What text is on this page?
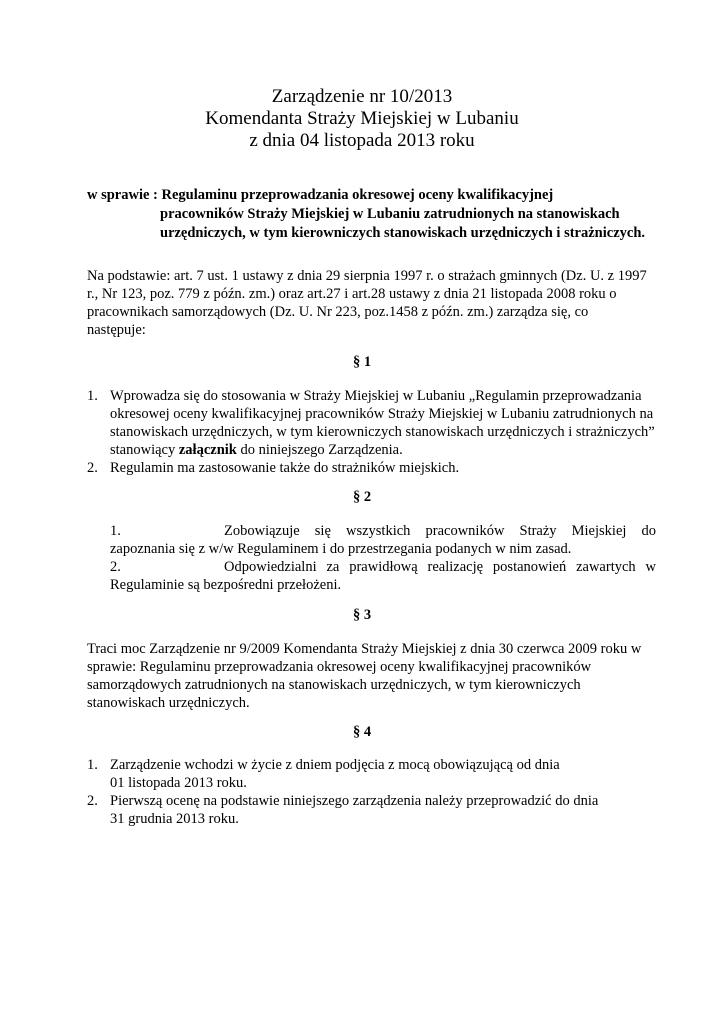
Zarządzenie nr 10/2013
Komendanta Straży Miejskiej w Lubaniu
z dnia 04 listopada 2013 roku
w sprawie : Regulaminu przeprowadzania okresowej oceny kwalifikacyjnej
pracowników Straży Miejskiej w Lubaniu zatrudnionych na stanowiskach
urzędniczych, w tym kierowniczych stanowiskach urzędniczych i strażniczych.
Na podstawie: art. 7 ust. 1 ustawy z dnia 29 sierpnia 1997 r. o strażach gminnych (Dz. U. z 1997 r., Nr 123, poz. 779 z późn. zm.) oraz art.27 i art.28 ustawy z dnia 21 listopada 2008 roku o pracownikach samorządowych (Dz. U. Nr 223, poz.1458 z późn. zm.) zarządza się, co następuje:
§ 1
1. Wprowadza się do stosowania w Straży Miejskiej w Lubaniu „Regulamin przeprowadzania okresowej oceny kwalifikacyjnej pracowników Straży Miejskiej w Lubaniu zatrudnionych na stanowiskach urzędniczych, w tym kierowniczych stanowiskach urzędniczych i strażniczych” stanowiący załącznik do niniejszego Zarządzenia.
2. Regulamin ma zastosowanie także do strażników miejskich.
§ 2
1.	Zobowiązuje się wszystkich pracowników Straży Miejskiej do
zapoznania się z w/w Regulaminem i do przestrzegania podanych w nim zasad.
2.	Odpowiedzialni za prawidłową realizację postanowień zawartych w
Regulaminie są bezpośredni przełożeni.
§ 3
Traci moc Zarządzenie nr 9/2009 Komendanta Straży Miejskiej z dnia 30 czerwca 2009 roku w sprawie: Regulaminu przeprowadzania okresowej oceny kwalifikacyjnej pracowników samorządowych zatrudnionych na stanowiskach urzędniczych, w tym kierowniczych stanowiskach urzędniczych.
§ 4
1. Zarządzenie wchodzi w życie z dniem podjęcia z mocą obowiązującą od dnia
01 listopada 2013 roku.
2. Pierwszą ocenę na podstawie niniejszego zarządzenia należy przeprowadzić do dnia
31 grudnia 2013 roku.
